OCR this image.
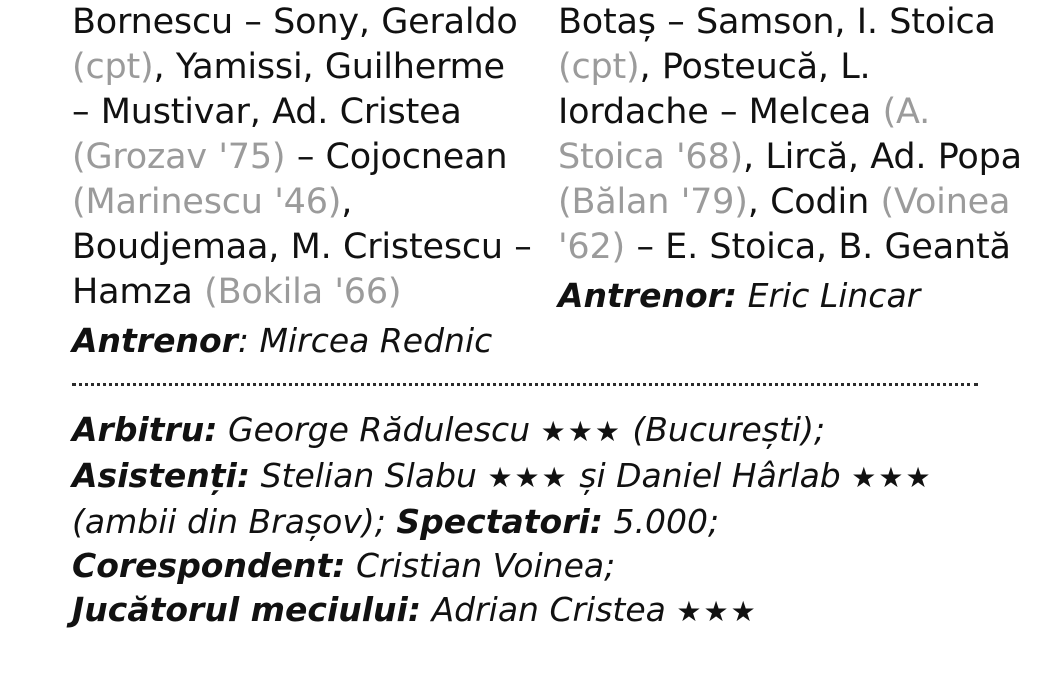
Bornescu – Sony, Geraldo (cpt), Yamissi, Guilherme – Mustivar, Ad. Cristea (Grozav '75) – Cojocnean (Marinescu '46), Boudjemaa, M. Cristescu – Hamza (Bokila '66)
Antrenor: Mircea Rednic
Botaș – Samson, I. Stoica (cpt), Posteucă, L. Iordache – Melcea (A. Stoica '68), Lircă, Ad. Popa (Bălan '79), Codin (Voinea '62) – E. Stoica, B. Geantă
Antrenor: Eric Lincar
Arbitru: George Rădulescu ★★★ (București);
Asistenți: Stelian Slabu ★★★ și Daniel Hârlab ★★★ (ambii din Brașov); Spectatori: 5.000;
Corespondent: Cristian Voinea;
Jucătorul meciului: Adrian Cristea ★★★
